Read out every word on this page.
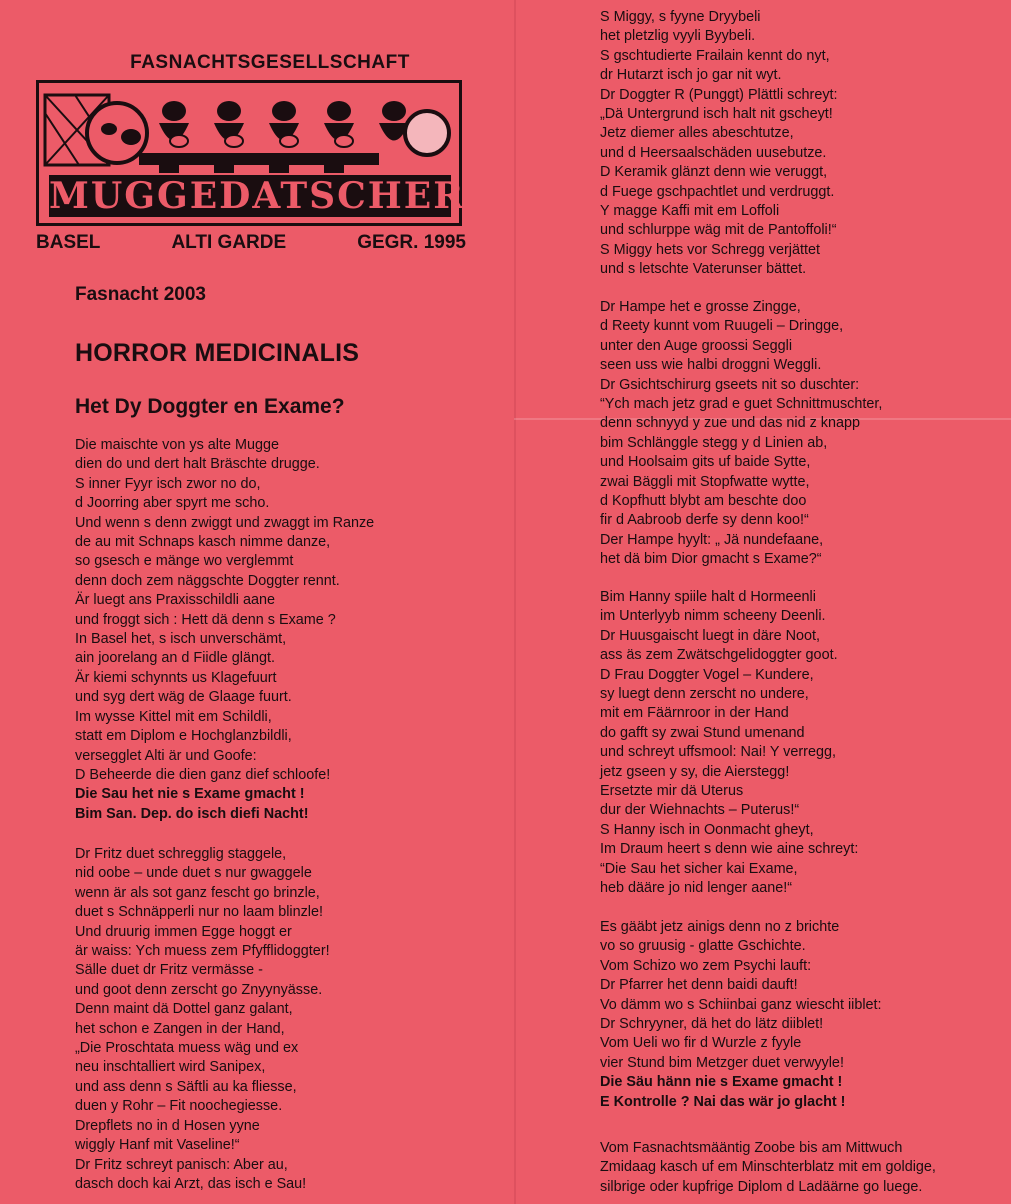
FASNACHTSGESELLSCHAFT

MUGGEDATSCHER
BASEL	ALTI GARDE	GEGR. 1995

Fasnacht 2003

HORROR MEDICINALIS
Het Dy Doggter en Exame?
Die maischte von ys alte Mugge
dien do und dert halt Bräschte drugge.
S inner Fyyr isch zwor no do,
d Joorring aber spyrt me scho.
Und wenn s denn zwiggt und zwaggt im Ranze
de au mit Schnaps kasch nimme danze,
so gsesch e mänge wo verglemmt
denn doch zem näggschte Doggter rennt.
Är luegt ans Praxisschildli aane
und froggt sich : Hett dä denn s Exame ?
In Basel het, s isch unverschämt,
ain joorelang an d Fiidle glängt.
Är kiemi schynnts us Klagefuurt
und syg dert wäg de Glaage fuurt.
Im wysse Kittel mit em Schildli,
statt em Diplom e Hochglanzbildli,
versegglet Alti är und Goofe:
D Beheerde die dien ganz dief schloofe!
Die Sau het nie s Exame gmacht !
Bim San. Dep. do isch diefi Nacht!
Dr Fritz duet schregglig staggele,
nid oobe – unde duet s nur gwaggele
wenn är als sot ganz fescht go brinzle,
duet s Schnäpperli nur no laam blinzle!
Und druurig immen Egge hoggt er
är waiss: Ych muess zem Pfyfflidoggter!
Sälle duet dr Fritz vermässe -
und goot denn zerscht go Znyynyässe.
Denn maint dä Dottel ganz galant,
het schon e Zangen in der Hand,
„Die Proschtata muess wäg und ex
neu inschtalliert wird Sanipex,
und ass denn s Säftli au ka fliesse,
duen y Rohr – Fit noochegiesse.
Drepflets no in d Hosen yyne
wiggly Hanf mit Vaseline!“
Dr Fritz schreyt panisch: Aber au,
dasch doch kai Arzt, das isch e Sau!
S Miggy, s fyyne Dryybeli
het pletzlig vyyli Byybeli.
S gschtudierte Frailain kennt do nyt,
dr Hutarzt isch jo gar nit wyt.
Dr Doggter R (Punggt) Plättli schreyt:
„Dä Untergrund isch halt nit gscheyt!
Jetz diemer alles abeschtutze,
und d Heersaalschäden uusebutze.
D Keramik glänzt denn wie veruggt,
d Fuege gschpachtlet und verdruggt.
Y magge Kaffi mit em Loffoli
und schlurppe wäg mit de Pantoffoli!“
S Miggy hets vor Schregg verjättet
und s letschte Vaterunser bättet.
Dr Hampe het e grosse Zingge,
d Reety kunnt vom Ruugeli – Dringge,
unter den Auge groossi Seggli
seen uss wie halbi droggni Weggli.
Dr Gsichtschirurg gseets nit so duschter:
“Ych mach jetz grad e guet Schnittmuschter,
denn schnyyd y zue und das nid z knapp
bim Schlänggle stegg y d Linien ab,
und Hoolsaim gits uf baide Sytte,
zwai Bäggli mit Stopfwatte wytte,
d Kopfhutt blybt am beschte doo
fir d Aabroob derfe sy denn koo!“
Der Hampe hyylt: „ Jä nundefaane,
het dä bim Dior gmacht s Exame?“
Bim Hanny spiile halt d Hormeenli
im Unterlyyb nimm scheeny Deenli.
Dr Huusgaischt luegt in däre Noot,
ass äs zem Zwätschgelidoggter goot.
D Frau Doggter Vogel – Kundere,
sy luegt denn zerscht no undere,
mit em Fäärnroor in der Hand
do gafft sy zwai Stund umenand
und schreyt uffsmool: Nai! Y verregg,
jetz gseen y sy, die Aierstegg!
Ersetzte mir dä Uterus
dur der Wiehnachts – Puterus!“
S Hanny isch in Oonmacht gheyt,
Im Draum heert s denn wie aine schreyt:
“Die Sau het sicher kai Exame,
heb dääre jo nid lenger aane!“
Es gääbt jetz ainigs denn no z brichte
vo so gruusig - glatte Gschichte.
Vom Schizo wo zem Psychi lauft:
Dr Pfarrer het denn baidi dauft!
Vo dämm wo s Schiinbai ganz wiescht iiblet:
Dr Schryyner, dä het do lätz diiblet!
Vom Ueli wo fir d Wurzle z fyyle
vier Stund bim Metzger duet verwyyle!
Die Säu hänn nie s Exame gmacht !
E Kontrolle ? Nai das wär jo glacht !
Vom Fasnachtsmääntig Zoobe bis am Mittwuch
Zmidaag kasch uf em Minschterblatz mit em goldige,
silbrige oder kupfrige Diplom d Ladäärne go luege.
